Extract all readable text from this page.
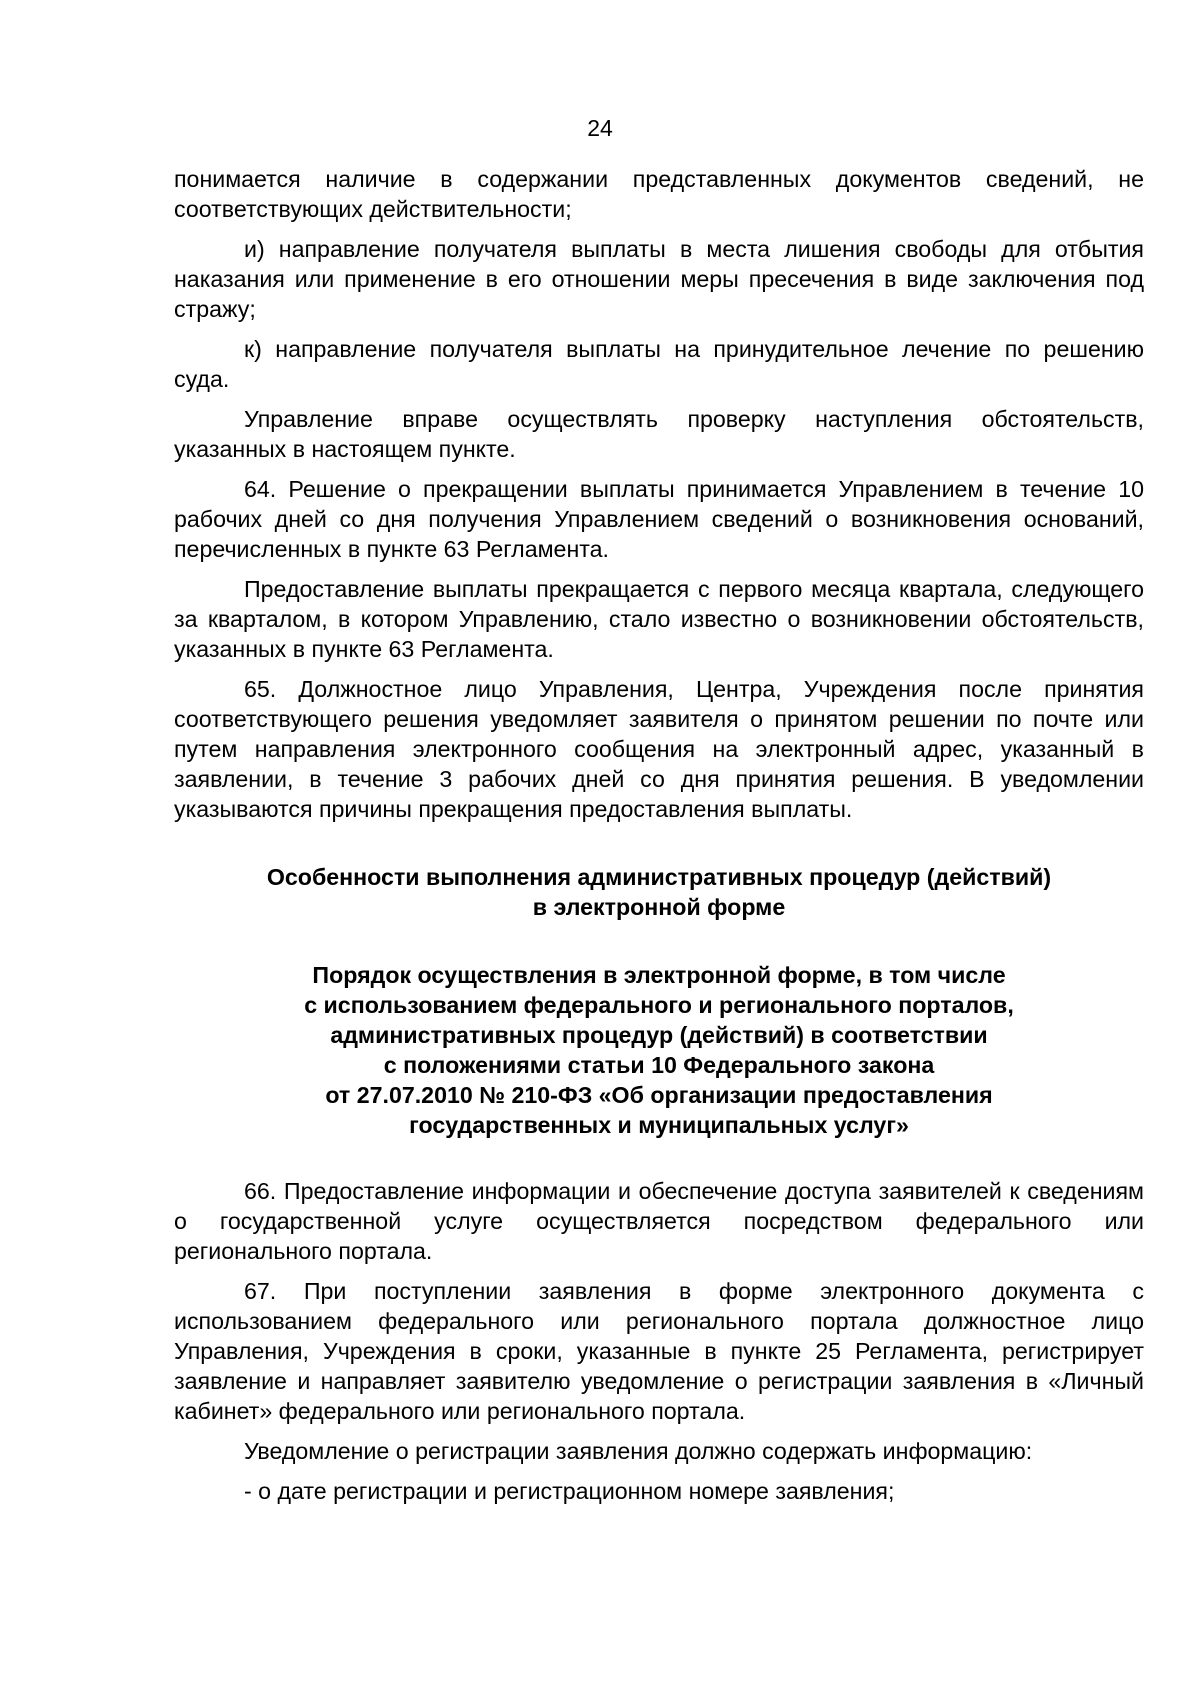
24

понимается наличие в содержании представленных документов сведений, не соответствующих действительности;

и) направление получателя выплаты в места лишения свободы для отбытия наказания или применение в его отношении меры пресечения в виде заключения под стражу;

к) направление получателя выплаты на принудительное лечение по решению суда.

Управление вправе осуществлять проверку наступления обстоятельств, указанных в настоящем пункте.

64. Решение о прекращении выплаты принимается Управлением в течение 10 рабочих дней со дня получения Управлением сведений о возникновения оснований, перечисленных в пункте 63 Регламента.

Предоставление выплаты прекращается с первого месяца квартала, следующего за кварталом, в котором Управлению, стало известно о возникновении обстоятельств, указанных в пункте 63 Регламента.

65. Должностное лицо Управления, Центра, Учреждения после принятия соответствующего решения уведомляет заявителя о принятом решении по почте или путем направления электронного сообщения на электронный адрес, указанный в заявлении, в течение 3 рабочих дней со дня принятия решения. В уведомлении указываются причины прекращения предоставления выплаты.

Особенности выполнения административных процедур (действий)
в электронной форме
Порядок осуществления в электронной форме, в том числе
с использованием федерального и регионального порталов,
административных процедур (действий) в соответствии
с положениями статьи 10 Федерального закона
от 27.07.2010 № 210-ФЗ «Об организации предоставления
государственных и муниципальных услуг»

66. Предоставление информации и обеспечение доступа заявителей к сведениям о государственной услуге осуществляется посредством федерального или регионального портала.

67. При поступлении заявления в форме электронного документа с использованием федерального или регионального портала должностное лицо Управления, Учреждения в сроки, указанные в пункте 25 Регламента, регистрирует заявление и направляет заявителю уведомление о регистрации заявления в «Личный кабинет» федерального или регионального портала.

Уведомление о регистрации заявления должно содержать информацию:

- о дате регистрации и регистрационном номере заявления;
